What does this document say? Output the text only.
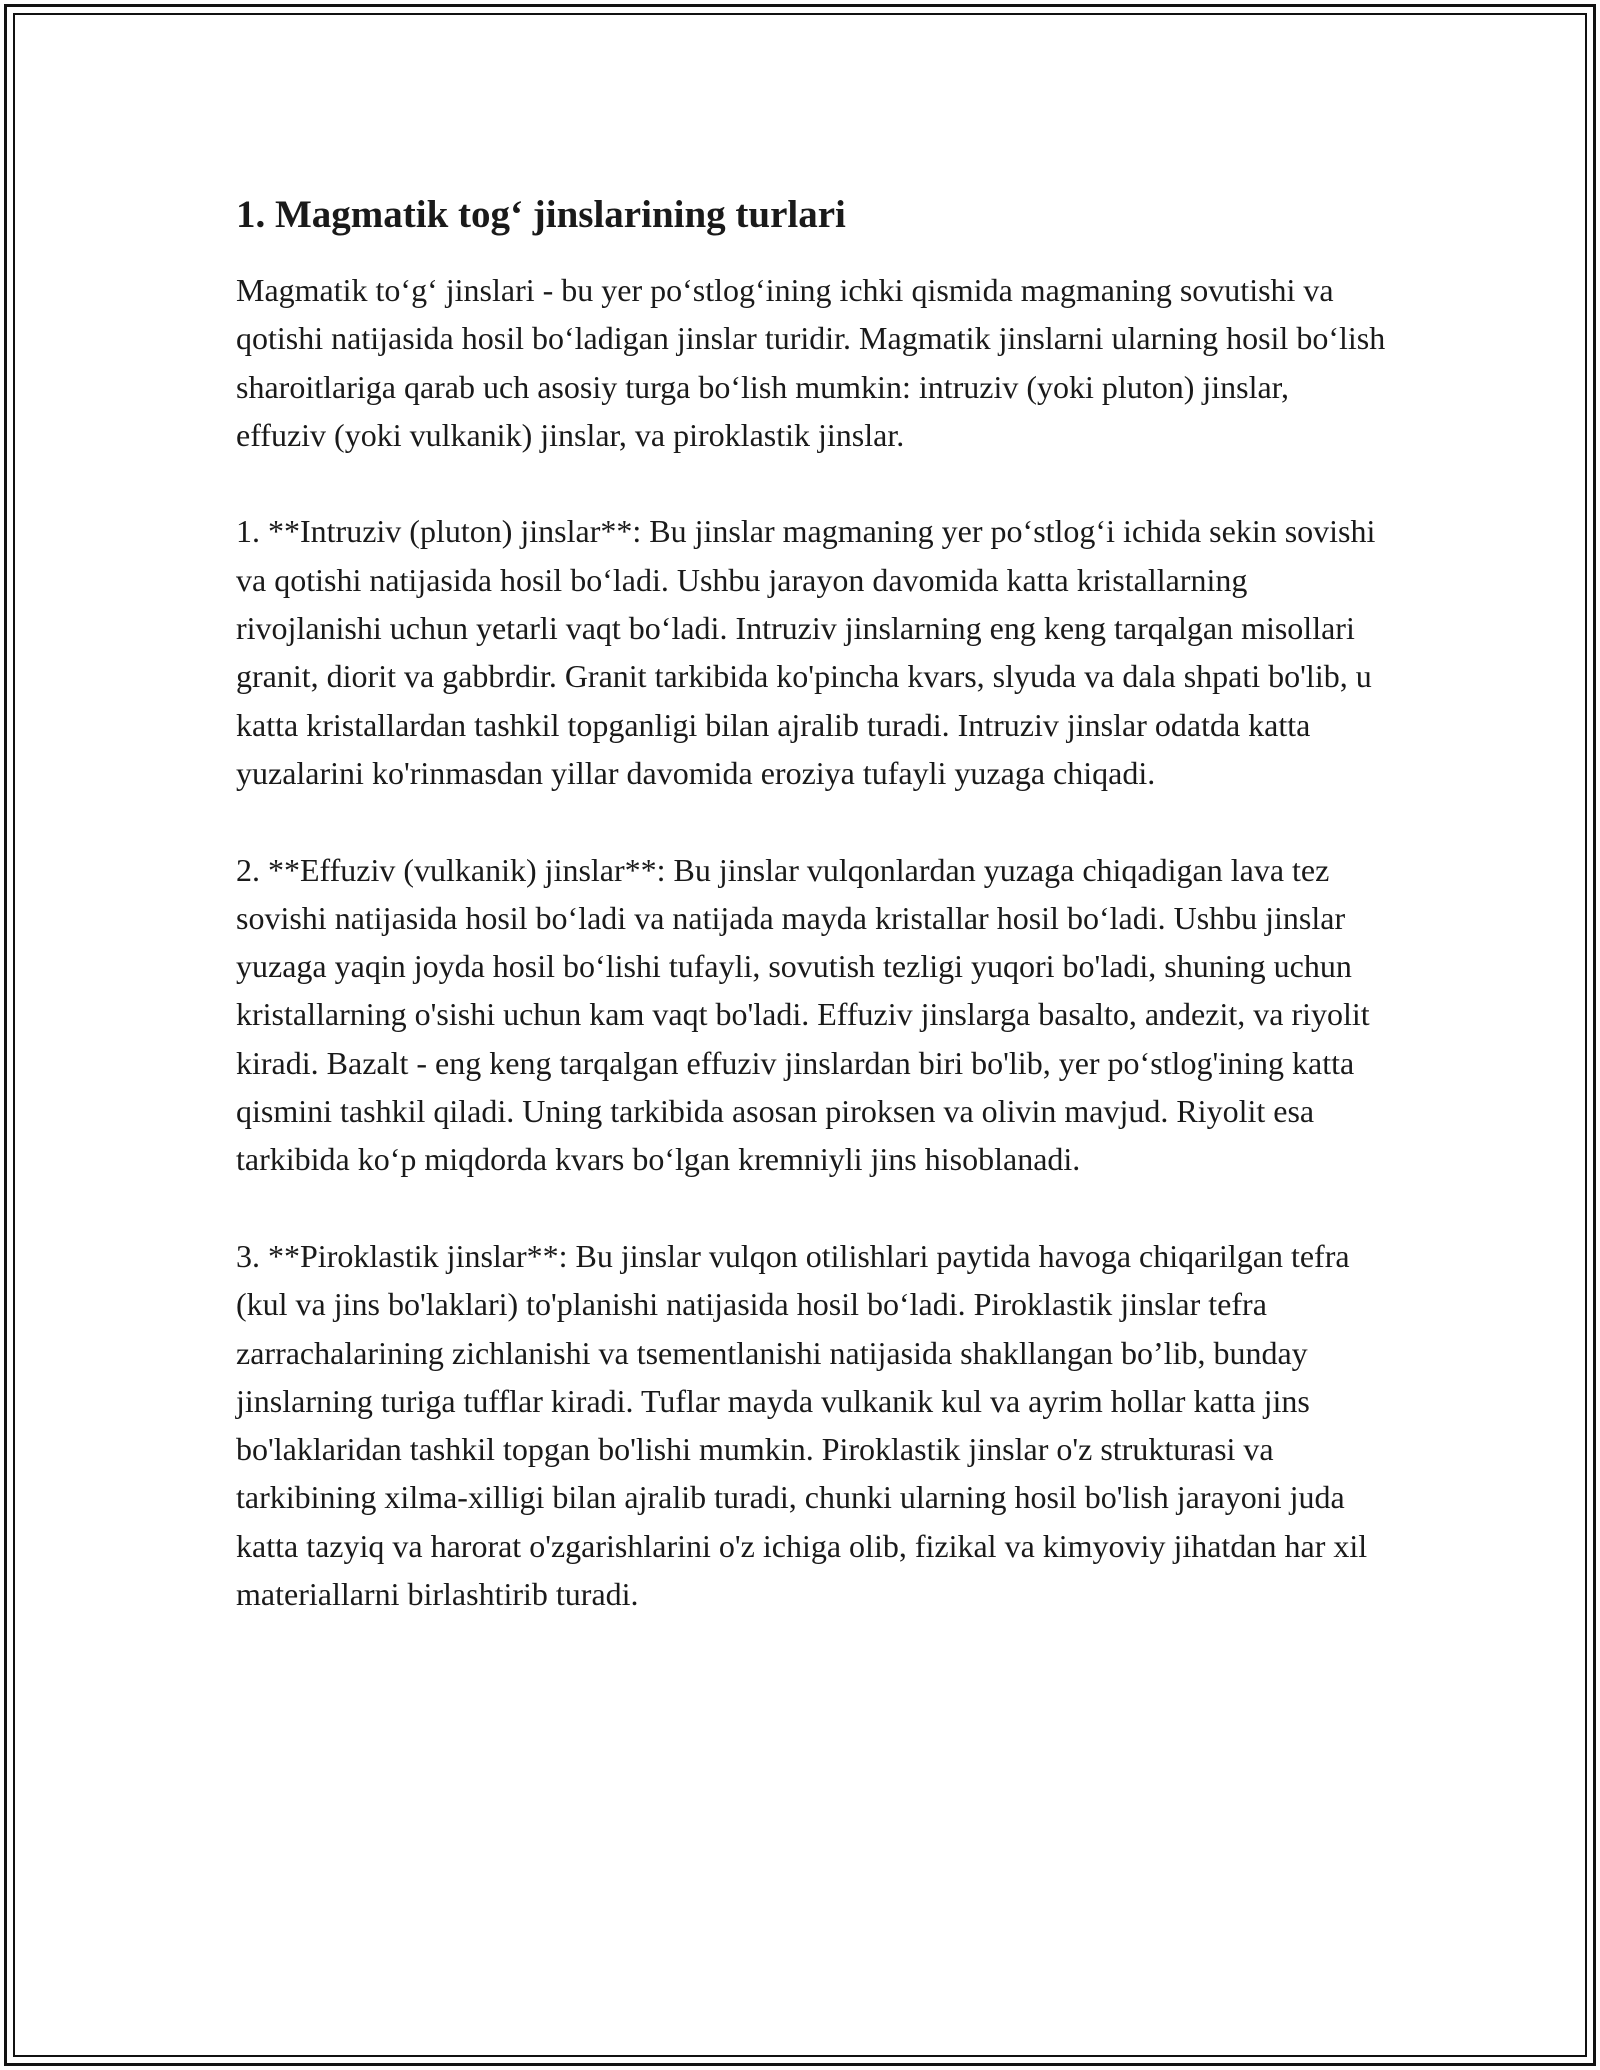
1. Magmatik tog‘ jinslarining turlari

Magmatik to‘g‘ jinslari - bu yer po‘stlog‘ining ichki qismida magmaning sovutishi va qotishi natijasida hosil bo‘ladigan jinslar turidir. Magmatik jinslarni ularning hosil bo‘lish sharoitlariga qarab uch asosiy turga bo‘lish mumkin: intruziv (yoki pluton) jinslar, effuziv (yoki vulkanik) jinslar, va piroklastik jinslar.

1. **Intruziv (pluton) jinslar**: Bu jinslar magmaning yer po‘stlog‘i ichida sekin sovishi va qotishi natijasida hosil bo‘ladi. Ushbu jarayon davomida katta kristallarning rivojlanishi uchun yetarli vaqt bo‘ladi. Intruziv jinslarning eng keng tarqalgan misollari granit, diorit va gabbrdir. Granit tarkibida ko'pincha kvars, slyuda va dala shpati bo'lib, u katta kristallardan tashkil topganligi bilan ajralib turadi. Intruziv jinslar odatda katta yuzalarini ko'rinmasdan yillar davomida eroziya tufayli yuzaga chiqadi.

2. **Effuziv (vulkanik) jinslar**: Bu jinslar vulqonlardan yuzaga chiqadigan lava tez sovishi natijasida hosil bo‘ladi va natijada mayda kristallar hosil bo‘ladi. Ushbu jinslar yuzaga yaqin joyda hosil bo‘lishi tufayli, sovutish tezligi yuqori bo'ladi, shuning uchun kristallarning o'sishi uchun kam vaqt bo'ladi. Effuziv jinslarga basalto, andezit, va riyolit kiradi. Bazalt - eng keng tarqalgan effuziv jinslardan biri bo'lib, yer po‘stlog'ining katta qismini tashkil qiladi. Uning tarkibida asosan piroksen va olivin mavjud. Riyolit esa tarkibida ko‘p miqdorda kvars bo‘lgan kremniyli jins hisoblanadi.

3. **Piroklastik jinslar**: Bu jinslar vulqon otilishlari paytida havoga chiqarilgan tefra (kul va jins bo'laklari) to'planishi natijasida hosil bo‘ladi. Piroklastik jinslar tefra zarrachalarining zichlanishi va tsementlanishi natijasida shakllangan bo’lib, bunday jinslarning turiga tufflar kiradi. Tuflar mayda vulkanik kul va ayrim hollar katta jins bo'laklaridan tashkil topgan bo'lishi mumkin. Piroklastik jinslar o'z strukturasi va tarkibining xilma-xilligi bilan ajralib turadi, chunki ularning hosil bo'lish jarayoni juda katta tazyiq va harorat o'zgarishlarini o'z ichiga olib, fizikal va kimyoviy jihatdan har xil materiallarni birlashtirib turadi.
